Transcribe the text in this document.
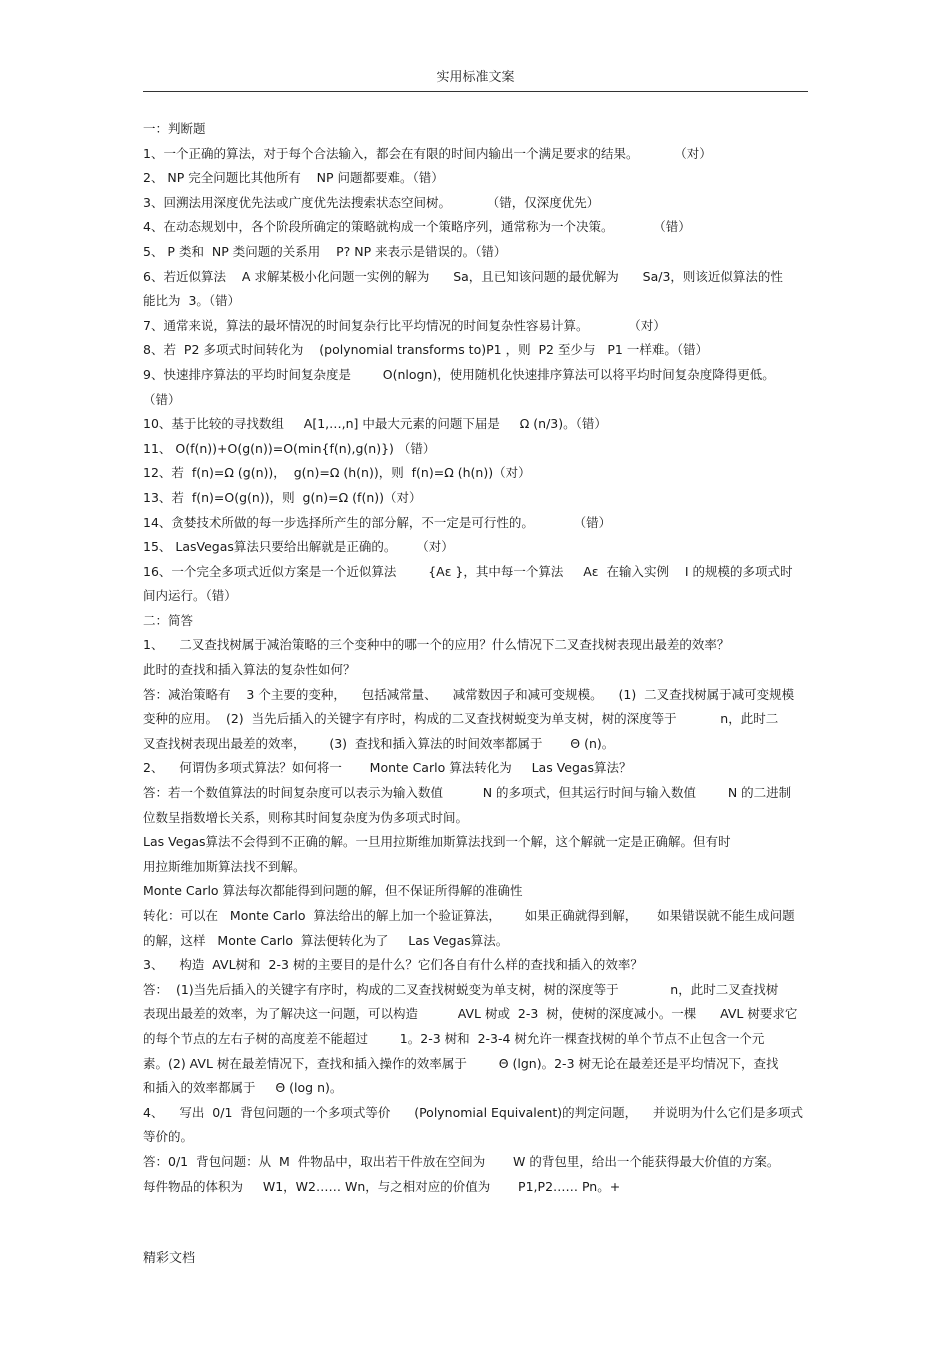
实用标准文案
一：判断题
1、一个正确的算法，对于每个合法输入，都会在有限的时间内输出一个满足要求的结果。         （对）
2、 NP 完全问题比其他所有    NP 问题都要难。（错）
3、回溯法用深度优先法或广度优先法搜索状态空间树。         （错，仅深度优先）
4、在动态规划中，各个阶段所确定的策略就构成一个策略序列，通常称为一个决策。          （错）
5、 P 类和  NP 类问题的关系用    P? NP 来表示是错误的。（错）
6、若近似算法    A 求解某极小化问题一实例的解为      Sa，且已知该问题的最优解为      Sa/3，则该近似算法的性
能比为  3。（错）
7、通常来说，算法的最坏情况的时间复杂行比平均情况的时间复杂性容易计算。          （对）
8、若  P2 多项式时间转化为    (polynomial transforms to)P1 ，则  P2 至少与   P1 一样难。（错）
9、快速排序算法的平均时间复杂度是        O(nlogn)，使用随机化快速排序算法可以将平均时间复杂度降得更低。
（错）
10、基于比较的寻找数组     A[1,…,n] 中最大元素的问题下届是     Ω (n/3)。（错）
11、 O(f(n))+O(g(n))=O(min{f(n),g(n)}) （错）
12、若  f(n)=Ω (g(n))，  g(n)=Ω (h(n))，则  f(n)=Ω (h(n))（对）
13、若  f(n)=O(g(n))，则  g(n)=Ω (f(n))（对）
14、贪婪技术所做的每一步选择所产生的部分解，不一定是可行性的。          （错）
15、 LasVegas算法只要给出解就是正确的。     （对）
16、一个完全多项式近似方案是一个近似算法        {Aε }，其中每一个算法     Aε  在输入实例    I 的规模的多项式时
间内运行。（错）
二：简答
1、    二叉查找树属于减治策略的三个变种中的哪一个的应用？什么情况下二叉查找树表现出最差的效率？
此时的查找和插入算法的复杂性如何？
答：减治策略有    3 个主要的变种，    包括减常量、    减常数因子和减可变规模。    (1)  二叉查找树属于减可变规模
变种的应用。  (2)  当先后插入的关键字有序时，构成的二叉查找树蜕变为单支树，树的深度等于           n，此时二
叉查找树表现出最差的效率，      (3)  查找和插入算法的时间效率都属于       Θ (n)。
2、    何谓伪多项式算法？如何将一       Monte Carlo 算法转化为     Las Vegas算法？
答：若一个数值算法的时间复杂度可以表示为输入数值          N 的多项式，但其运行时间与输入数值        N 的二进制
位数呈指数增长关系，则称其时间复杂度为伪多项式时间。
Las Vegas算法不会得到不正确的解。一旦用拉斯维加斯算法找到一个解，这个解就一定是正确解。但有时
用拉斯维加斯算法找不到解。
Monte Carlo 算法每次都能得到问题的解，但不保证所得解的准确性
转化：可以在   Monte Carlo  算法给出的解上加一个验证算法，      如果正确就得到解，     如果错误就不能生成问题
的解，这样   Monte Carlo  算法便转化为了     Las Vegas算法。
3、    构造  AVL树和  2-3 树的主要目的是什么？它们各自有什么样的查找和插入的效率？
答：  (1)当先后插入的关键字有序时，构成的二叉查找树蜕变为单支树，树的深度等于             n，此时二叉查找树
表现出最差的效率，为了解决这一问题，可以构造          AVL 树或  2-3  树，使树的深度减小。一棵      AVL 树要求它
的每个节点的左右子树的高度差不能超过        1。2-3 树和  2-3-4 树允许一棵查找树的单个节点不止包含一个元
素。(2) AVL 树在最差情况下，查找和插入操作的效率属于        Θ (lgn)。2-3 树无论在最差还是平均情况下，查找
和插入的效率都属于     Θ (log n)。
4、    写出  0/1  背包问题的一个多项式等价      (Polynomial Equivalent)的判定问题，    并说明为什么它们是多项式
等价的。
答：0/1  背包问题：从  M  件物品中，取出若干件放在空间为       W 的背包里，给出一个能获得最大价值的方案。
每件物品的体积为     W1，W2…… Wn，与之相对应的价值为       P1,P2…… Pn。+
精彩文档
